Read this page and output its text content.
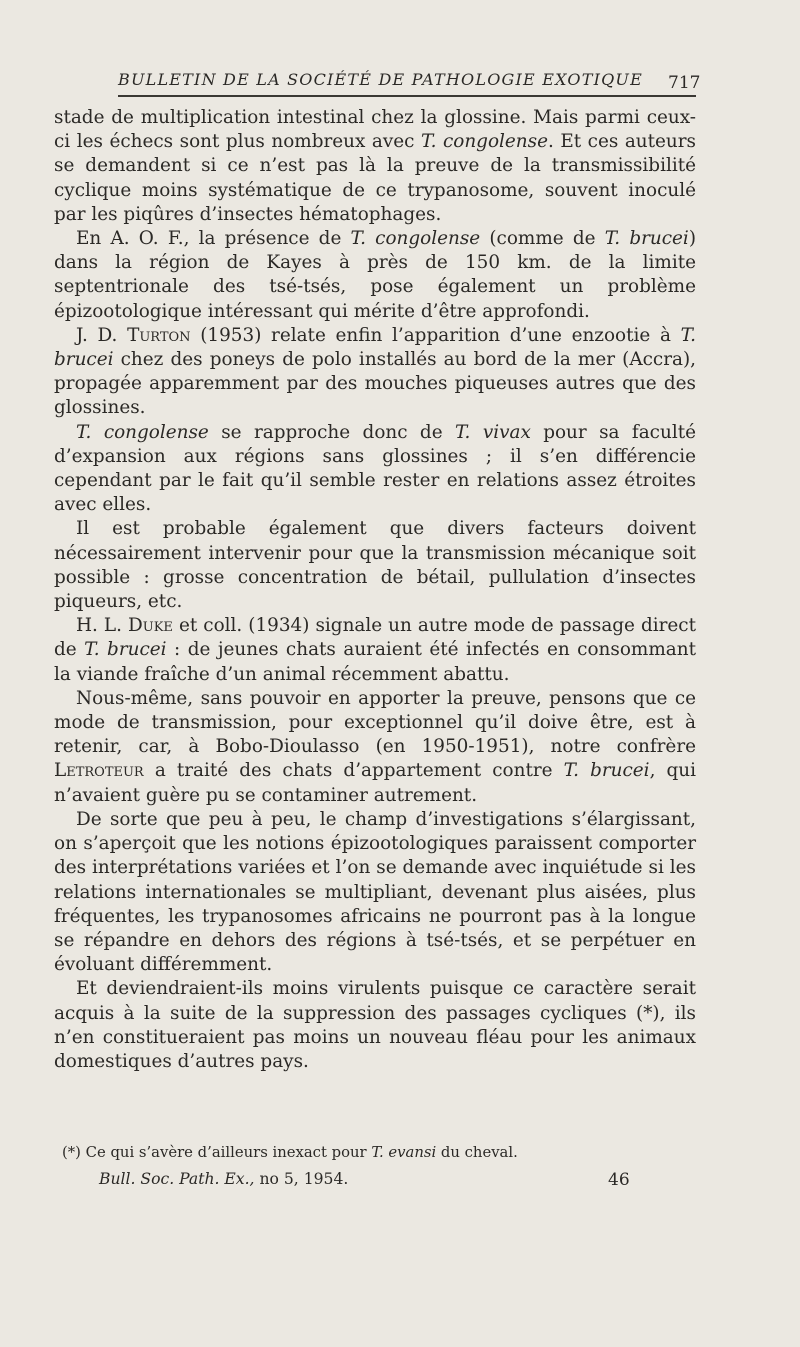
BULLETIN DE LA SOCIÉTÉ DE PATHOLOGIE EXOTIQUE 717

stade de multiplication intestinal chez la glossine. Mais parmi ceux-ci les échecs sont plus nombreux avec T. congolense. Et ces auteurs se demandent si ce n’est pas là la preuve de la transmissibilité cyclique moins systématique de ce trypanosome, souvent inoculé par les piqûres d’insectes hématophages.

En A. O. F., la présence de T. congolense (comme de T. brucei) dans la région de Kayes à près de 150 km. de la limite septentrionale des tsé-tsés, pose également un problème épizootologique intéressant qui mérite d’être approfondi.

J. D. Turton (1953) relate enfin l’apparition d’une enzootie à T. brucei chez des poneys de polo installés au bord de la mer (Accra), propagée apparemment par des mouches piqueuses autres que des glossines.

T. congolense se rapproche donc de T. vivax pour sa faculté d’expansion aux régions sans glossines ; il s’en différencie cependant par le fait qu’il semble rester en relations assez étroites avec elles.

Il est probable également que divers facteurs doivent nécessairement intervenir pour que la transmission mécanique soit possible : grosse concentration de bétail, pullulation d’insectes piqueurs, etc.

H. L. Duke et coll. (1934) signale un autre mode de passage direct de T. brucei : de jeunes chats auraient été infectés en consommant la viande fraîche d’un animal récemment abattu.

Nous-même, sans pouvoir en apporter la preuve, pensons que ce mode de transmission, pour exceptionnel qu’il doive être, est à retenir, car, à Bobo-Dioulasso (en 1950-1951), notre confrère Letroteur a traité des chats d’appartement contre T. brucei, qui n’avaient guère pu se contaminer autrement.

De sorte que peu à peu, le champ d’investigations s’élargissant, on s’aperçoit que les notions épizootologiques paraissent comporter des interprétations variées et l’on se demande avec inquiétude si les relations internationales se multipliant, devenant plus aisées, plus fréquentes, les trypanosomes africains ne pourront pas à la longue se répandre en dehors des régions à tsé-tsés, et se perpétuer en évoluant différemment.

Et deviendraient-ils moins virulents puisque ce caractère serait acquis à la suite de la suppression des passages cycliques (*), ils n’en constitueraient pas moins un nouveau fléau pour les animaux domestiques d’autres pays.

(*) Ce qui s’avère d’ailleurs inexact pour T. evansi du cheval.
Bull. Soc. Path. Ex., no 5, 1954.	46
